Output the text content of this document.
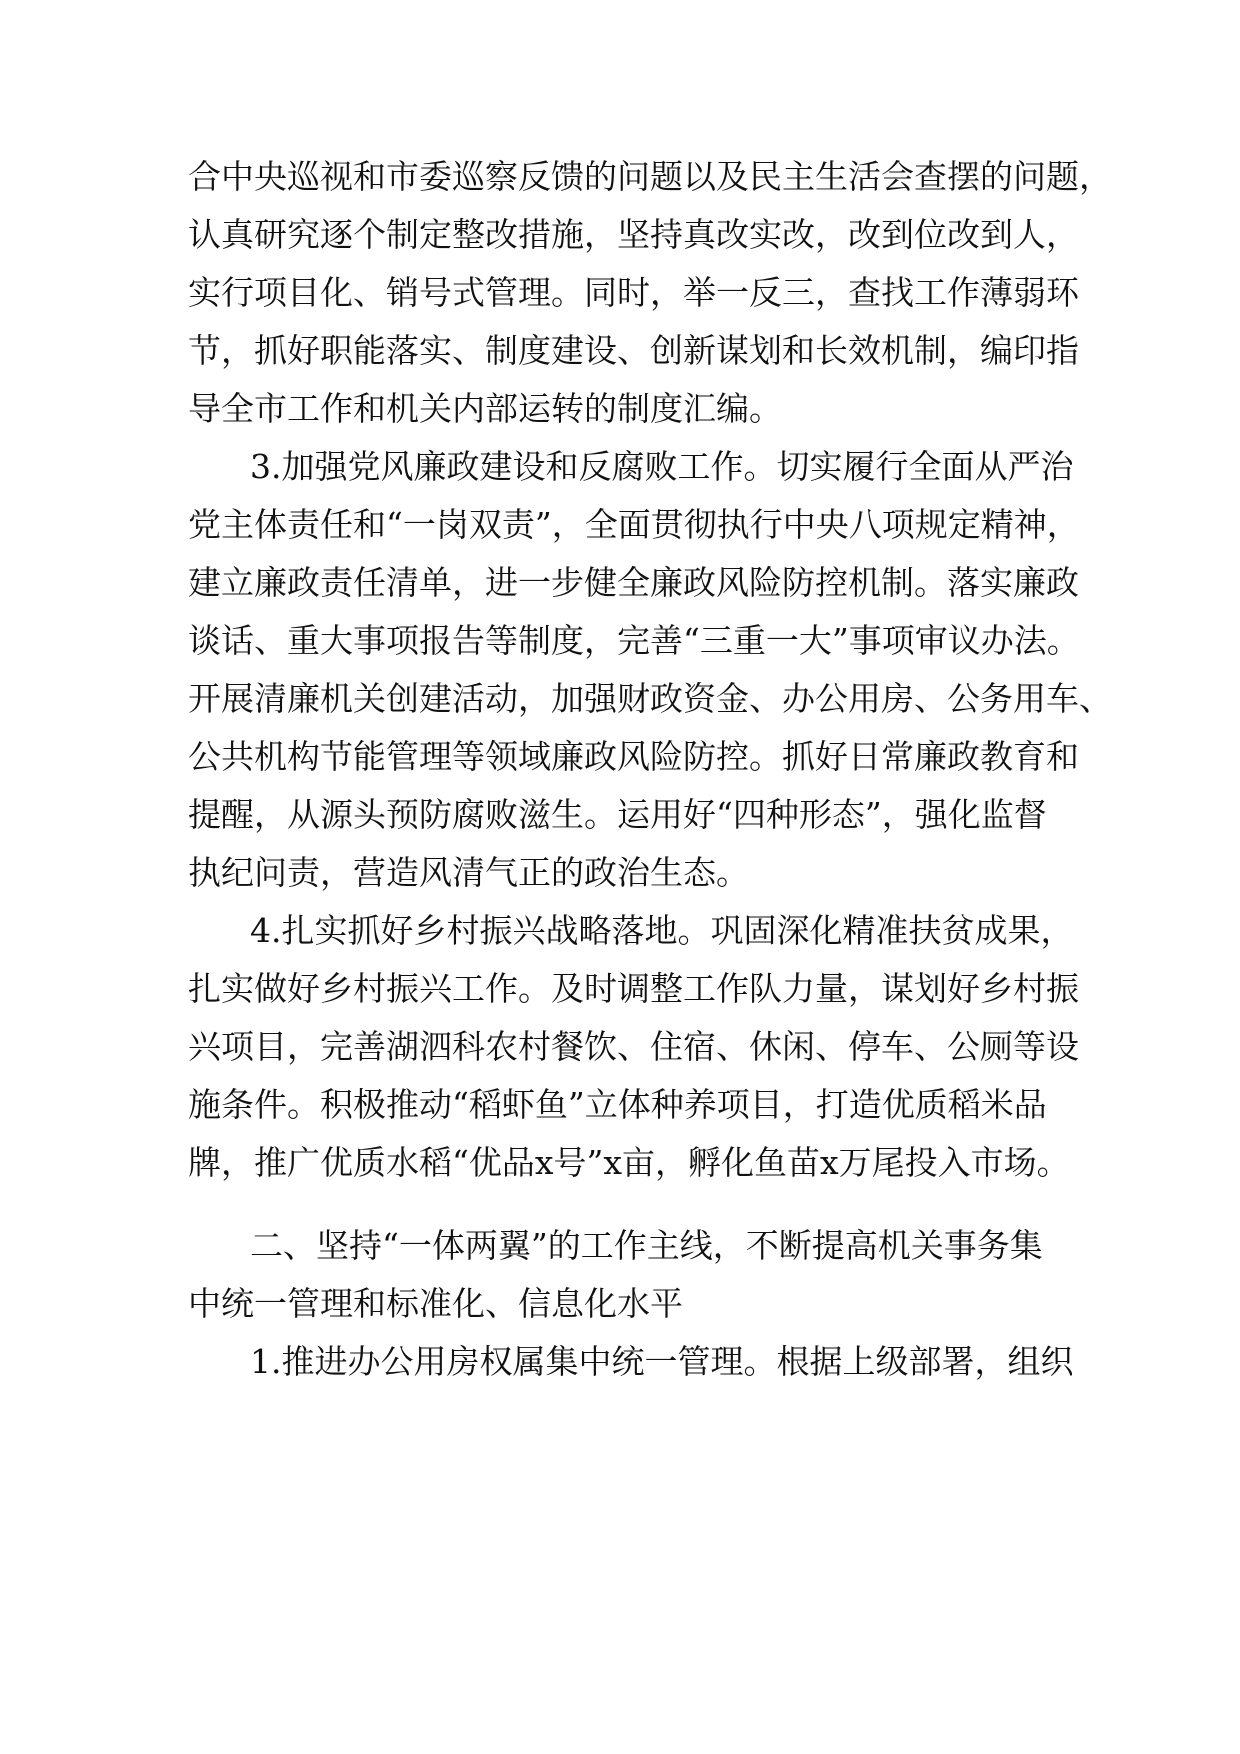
合中央巡视和市委巡察反馈的问题以及民主生活会查摆的问题，
认真研究逐个制定整改措施，坚持真改实改，改到位改到人，
实行项目化、销号式管理。同时，举一反三，查找工作薄弱环
节，抓好职能落实、制度建设、创新谋划和长效机制，编印指
导全市工作和机关内部运转的制度汇编。
3.加强党风廉政建设和反腐败工作。切实履行全面从严治
党主体责任和“一岗双责”，全面贯彻执行中央八项规定精神，
建立廉政责任清单，进一步健全廉政风险防控机制。落实廉政
谈话、重大事项报告等制度，完善“三重一大”事项审议办法。
开展清廉机关创建活动，加强财政资金、办公用房、公务用车、
公共机构节能管理等领域廉政风险防控。抓好日常廉政教育和
提醒，从源头预防腐败滋生。运用好“四种形态”，强化监督
执纪问责，营造风清气正的政治生态。
4.扎实抓好乡村振兴战略落地。巩固深化精准扶贫成果，
扎实做好乡村振兴工作。及时调整工作队力量，谋划好乡村振
兴项目，完善湖泗科农村餐饮、住宿、休闲、停车、公厕等设
施条件。积极推动“稻虾鱼”立体种养项目，打造优质稻米品
牌，推广优质水稻“优品x号”x亩，孵化鱼苗x万尾投入市场。
二、坚持“一体两翼”的工作主线，不断提高机关事务集
中统一管理和标准化、信息化水平
1.推进办公用房权属集中统一管理。根据上级部署，组织
